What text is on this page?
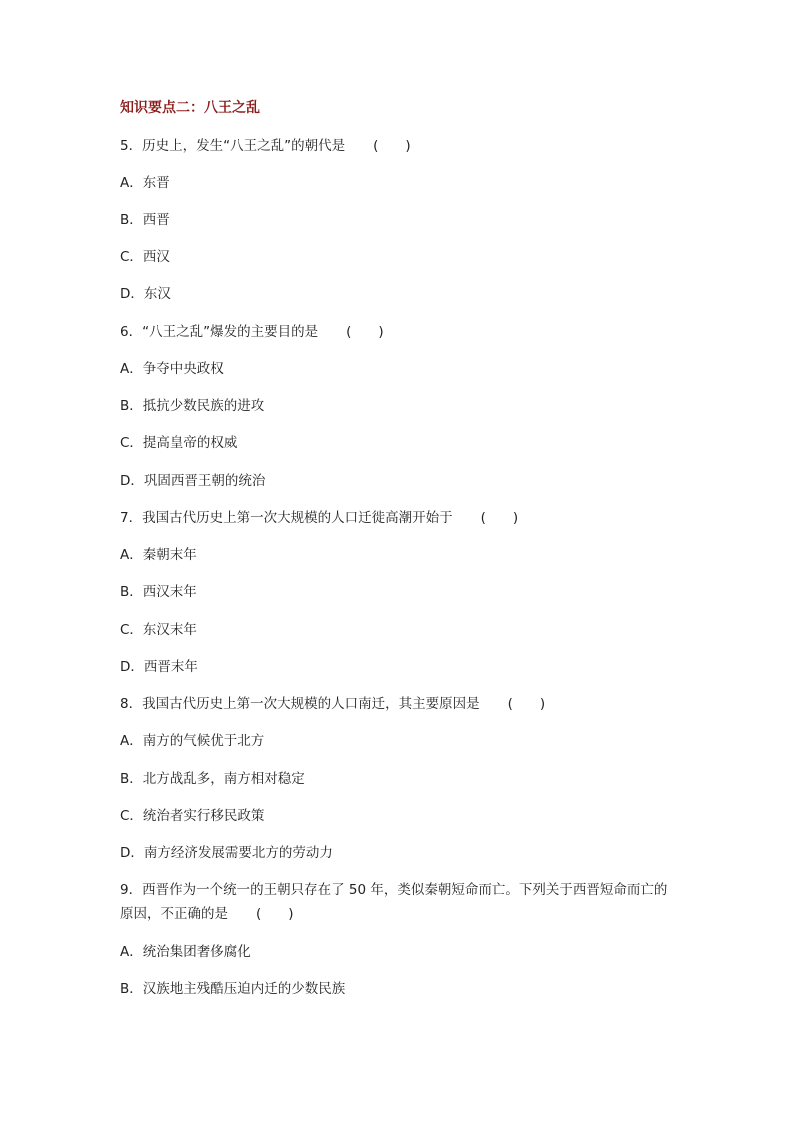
知识要点二：八王之乱
5．历史上，发生“八王之乱”的朝代是 (　　)
A．东晋
B．西晋
C．西汉
D．东汉
6．“八王之乱”爆发的主要目的是 (　　)
A．争夺中央政权
B．抵抗少数民族的进攻
C．提高皇帝的权威
D．巩固西晋王朝的统治
7．我国古代历史上第一次大规模的人口迁徙高潮开始于 (　　)
A．秦朝末年
B．西汉末年
C．东汉末年
D．西晋末年
8．我国古代历史上第一次大规模的人口南迁，其主要原因是 (　　)
A．南方的气候优于北方
B．北方战乱多，南方相对稳定
C．统治者实行移民政策
D．南方经济发展需要北方的劳动力
9．西晋作为一个统一的王朝只存在了 50 年，类似秦朝短命而亡。下列关于西晋短命而亡的
原因，不正确的是 (　　)
A．统治集团奢侈腐化
B．汉族地主残酷压迫内迁的少数民族
